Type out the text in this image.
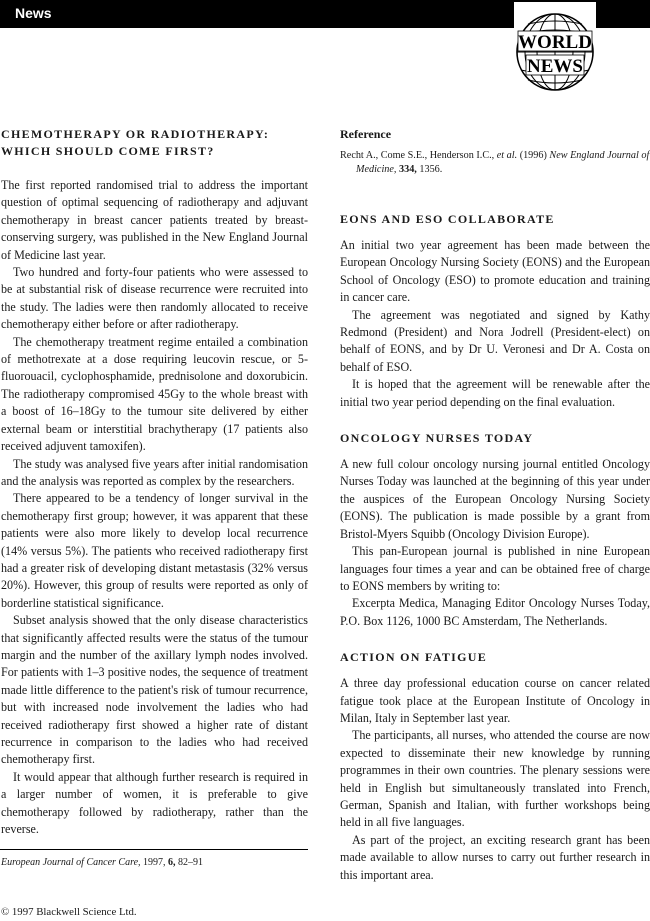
News
WORLD
NEWS
CHEMOTHERAPY OR RADIOTHERAPY:
WHICH SHOULD COME FIRST?

The first reported randomised trial to address the important question of optimal sequencing of radiotherapy and adjuvant chemotherapy in breast cancer patients treated by breast-conserving surgery, was published in the New England Journal of Medicine last year.

Two hundred and forty-four patients who were assessed to be at substantial risk of disease recurrence were recruited into the study. The ladies were then randomly allocated to receive chemotherapy either before or after radiotherapy.

The chemotherapy treatment regime entailed a combination of methotrexate at a dose requiring leucovin rescue, or 5-fluorouacil, cyclophosphamide, prednisolone and doxorubicin. The radiotherapy compromised 45Gy to the whole breast with a boost of 16–18Gy to the tumour site delivered by either external beam or interstitial brachytherapy (17 patients also received adjuvent tamoxifen).

The study was analysed five years after initial randomisation and the analysis was reported as complex by the researchers.

There appeared to be a tendency of longer survival in the chemotherapy first group; however, it was apparent that these patients were also more likely to develop local recurrence (14% versus 5%). The patients who received radiotherapy first had a greater risk of developing distant metastasis (32% versus 20%). However, this group of results were reported as only of borderline statistical significance.

Subset analysis showed that the only disease characteristics that significantly affected results were the status of the tumour margin and the number of the axillary lymph nodes involved. For patients with 1–3 positive nodes, the sequence of treatment made little difference to the patient's risk of tumour recurrence, but with increased node involvement the ladies who had received radiotherapy first showed a higher rate of distant recurrence in comparison to the ladies who had received chemotherapy first.

It would appear that although further research is required in a larger number of women, it is preferable to give chemotherapy followed by radiotherapy, rather than the reverse.

Reference

Recht A., Come S.E., Henderson I.C., et al. (1996) New England Journal of Medicine, 334, 1356.

EONS AND ESO COLLABORATE

An initial two year agreement has been made between the European Oncology Nursing Society (EONS) and the European School of Oncology (ESO) to promote education and training in cancer care.

The agreement was negotiated and signed by Kathy Redmond (President) and Nora Jodrell (President-elect) on behalf of EONS, and by Dr U. Veronesi and Dr A. Costa on behalf of ESO.

It is hoped that the agreement will be renewable after the initial two year period depending on the final evaluation.

ONCOLOGY NURSES TODAY

A new full colour oncology nursing journal entitled Oncology Nurses Today was launched at the beginning of this year under the auspices of the European Oncology Nursing Society (EONS). The publication is made possible by a grant from Bristol-Myers Squibb (Oncology Division Europe).

This pan-European journal is published in nine European languages four times a year and can be obtained free of charge to EONS members by writing to:

Excerpta Medica, Managing Editor Oncology Nurses Today, P.O. Box 1126, 1000 BC Amsterdam, The Netherlands.

ACTION ON FATIGUE

A three day professional education course on cancer related fatigue took place at the European Institute of Oncology in Milan, Italy in September last year.

The participants, all nurses, who attended the course are now expected to disseminate their new knowledge by running programmes in their own countries. The plenary sessions were held in English but simultaneously translated into French, German, Spanish and Italian, with further workshops being held in all five languages.

As part of the project, an exciting research grant has been made available to allow nurses to carry out further research in this important area.

European Journal of Cancer Care, 1997, 6, 82–91
© 1997 Blackwell Science Ltd.
